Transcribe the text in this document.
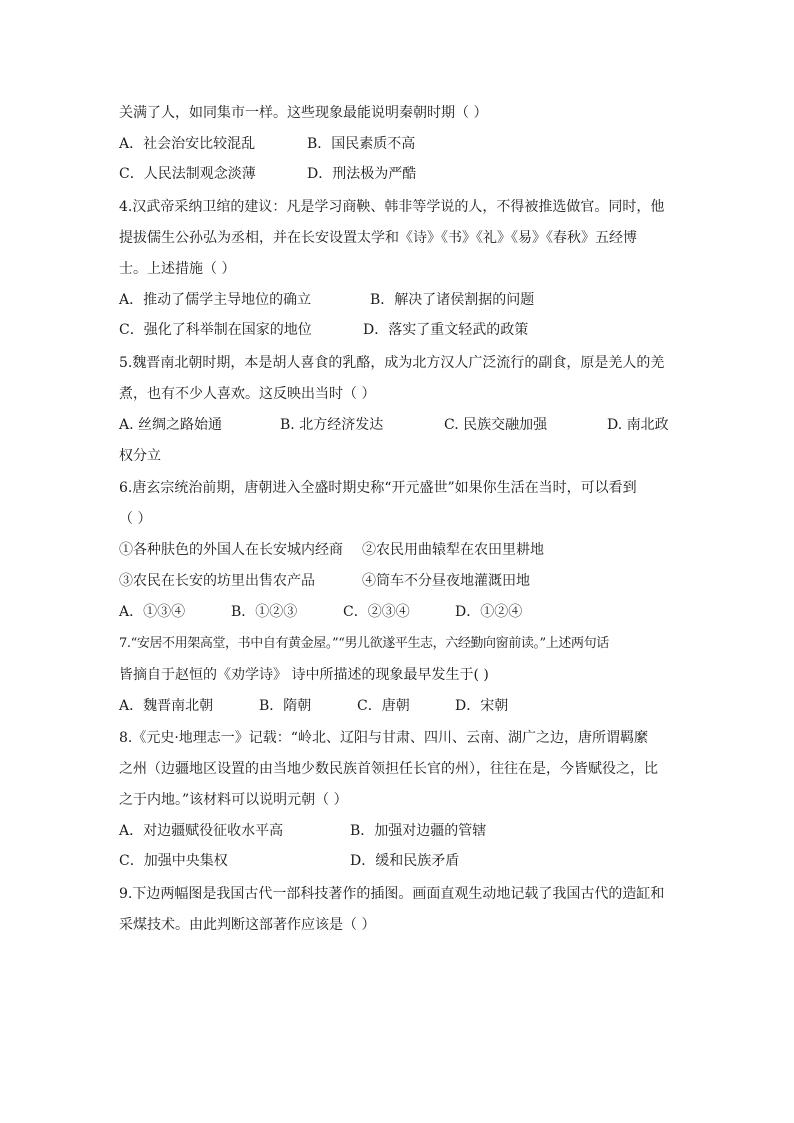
关满了人，如同集市一样。这些现象最能说明秦朝时期（ ）
A．社会治安比较混乱	B．国民素质不高
C．人民法制观念淡薄	D．刑法极为严酷
4.汉武帝采纳卫绾的建议：凡是学习商鞅、韩非等学说的人，不得被推选做官。同时，他
提拔儒生公孙弘为丞相，并在长安设置太学和《诗》《书》《礼》《易》《春秋》五经博
士。上述措施（ ）
A．推动了儒学主导地位的确立	B．解决了诸侯割据的问题
C．强化了科举制在国家的地位	D．落实了重文轻武的政策
5.魏晋南北朝时期，本是胡人喜食的乳酪，成为北方汉人广泛流行的副食，原是羌人的羌
煮，也有不少人喜欢。这反映出当时（ ）
A. 丝绸之路始通	B. 北方经济发达	C. 民族交融加强	D. 南北政
权分立
6.唐玄宗统治前期，唐朝进入全盛时期史称“开元盛世”如果你生活在当时，可以看到
（ ）
①各种肤色的外国人在长安城内经商 ②农民用曲辕犁在农田里耕地
③农民在长安的坊里出售农产品	④筒车不分昼夜地灌溉田地
A．①③④	B．①②③	C．②③④	D．①②④
7.“安居不用架高堂，书中自有黄金屋。”“男儿欲遂平生志，六经勤向窗前读。”上述两句话
皆摘自于赵恒的《劝学诗》 诗中所描述的现象最早发生于( )
A．魏晋南北朝	B．隋朝	C．唐朝	D．宋朝
8.《元史·地理志一》记载：“岭北、辽阳与甘肃、四川、云南、湖广之边，唐所谓羁縻
之州（边疆地区设置的由当地少数民族首领担任长官的州），往往在是，今皆赋役之，比
之于内地。”该材料可以说明元朝（ ）
A．对边疆赋役征收水平高	B．加强对边疆的管辖
C．加强中央集权	D．缓和民族矛盾
9.下边两幅图是我国古代一部科技著作的插图。画面直观生动地记载了我国古代的造缸和
采煤技术。由此判断这部著作应该是（ ）
